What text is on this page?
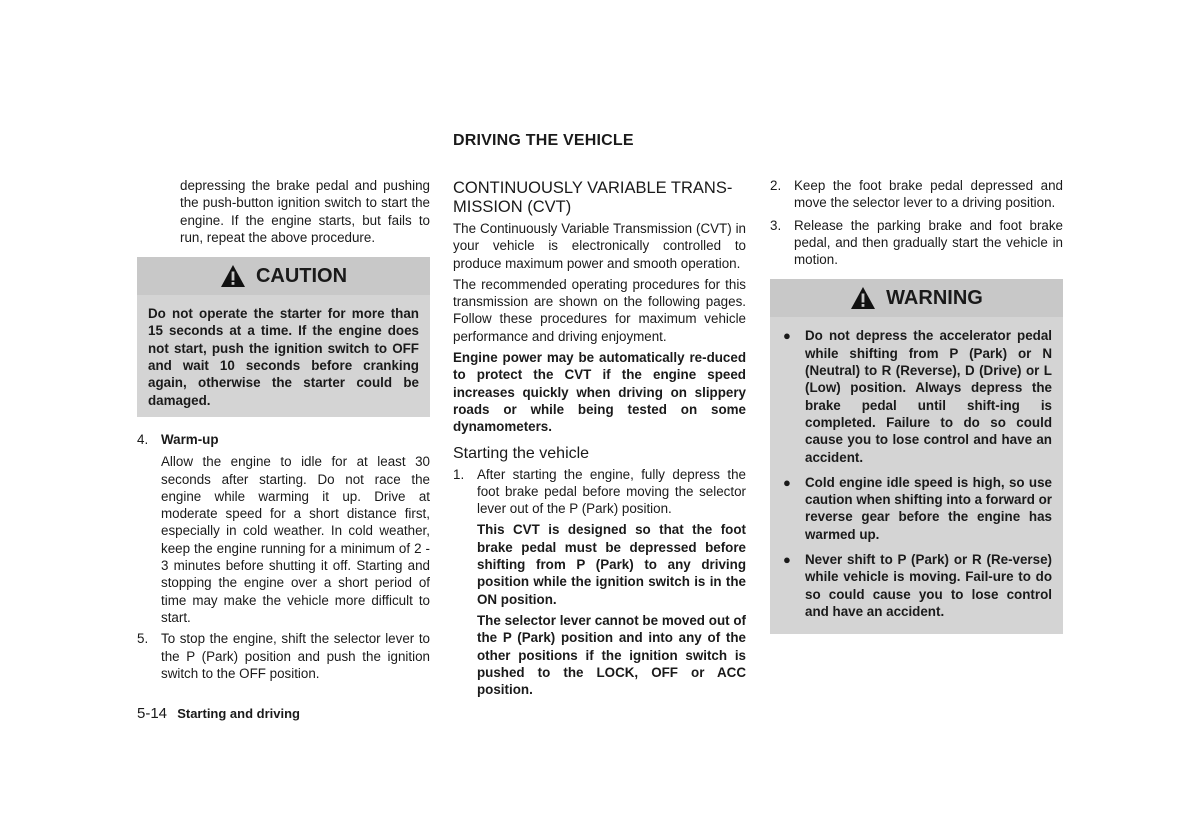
DRIVING THE VEHICLE

depressing the brake pedal and pushing the push-button ignition switch to start the engine. If the engine starts, but fails to run, repeat the above procedure.

CAUTION
Do not operate the starter for more than 15 seconds at a time. If the engine does not start, push the ignition switch to OFF and wait 10 seconds before cranking again, otherwise the starter could be damaged.
4. Warm-up
Allow the engine to idle for at least 30 seconds after starting. Do not race the engine while warming it up. Drive at moderate speed for a short distance first, especially in cold weather. In cold weather, keep the engine running for a minimum of 2 - 3 minutes before shutting it off. Starting and stopping the engine over a short period of time may make the vehicle more difficult to start.
5. To stop the engine, shift the selector lever to the P (Park) position and push the ignition switch to the OFF position.
CONTINUOUSLY VARIABLE TRANS-MISSION (CVT)

The Continuously Variable Transmission (CVT) in your vehicle is electronically controlled to produce maximum power and smooth operation.

The recommended operating procedures for this transmission are shown on the following pages. Follow these procedures for maximum vehicle performance and driving enjoyment.

Engine power may be automatically re-duced to protect the CVT if the engine speed increases quickly when driving on slippery roads or while being tested on some dynamometers.

Starting the vehicle
1. After starting the engine, fully depress the foot brake pedal before moving the selector lever out of the P (Park) position.
This CVT is designed so that the foot brake pedal must be depressed before shifting from P (Park) to any driving position while the ignition switch is in the ON position.
The selector lever cannot be moved out of the P (Park) position and into any of the other positions if the ignition switch is pushed to the LOCK, OFF or ACC position.
2. Keep the foot brake pedal depressed and move the selector lever to a driving position.
3. Release the parking brake and foot brake pedal, and then gradually start the vehicle in motion.
WARNING
● Do not depress the accelerator pedal while shifting from P (Park) or N (Neutral) to R (Reverse), D (Drive) or L (Low) position. Always depress the brake pedal until shift-ing is completed. Failure to do so could cause you to lose control and have an accident.
● Cold engine idle speed is high, so use caution when shifting into a forward or reverse gear before the engine has warmed up.
● Never shift to P (Park) or R (Re-verse) while vehicle is moving. Fail-ure to do so could cause you to lose control and have an accident.
5-14 Starting and driving
